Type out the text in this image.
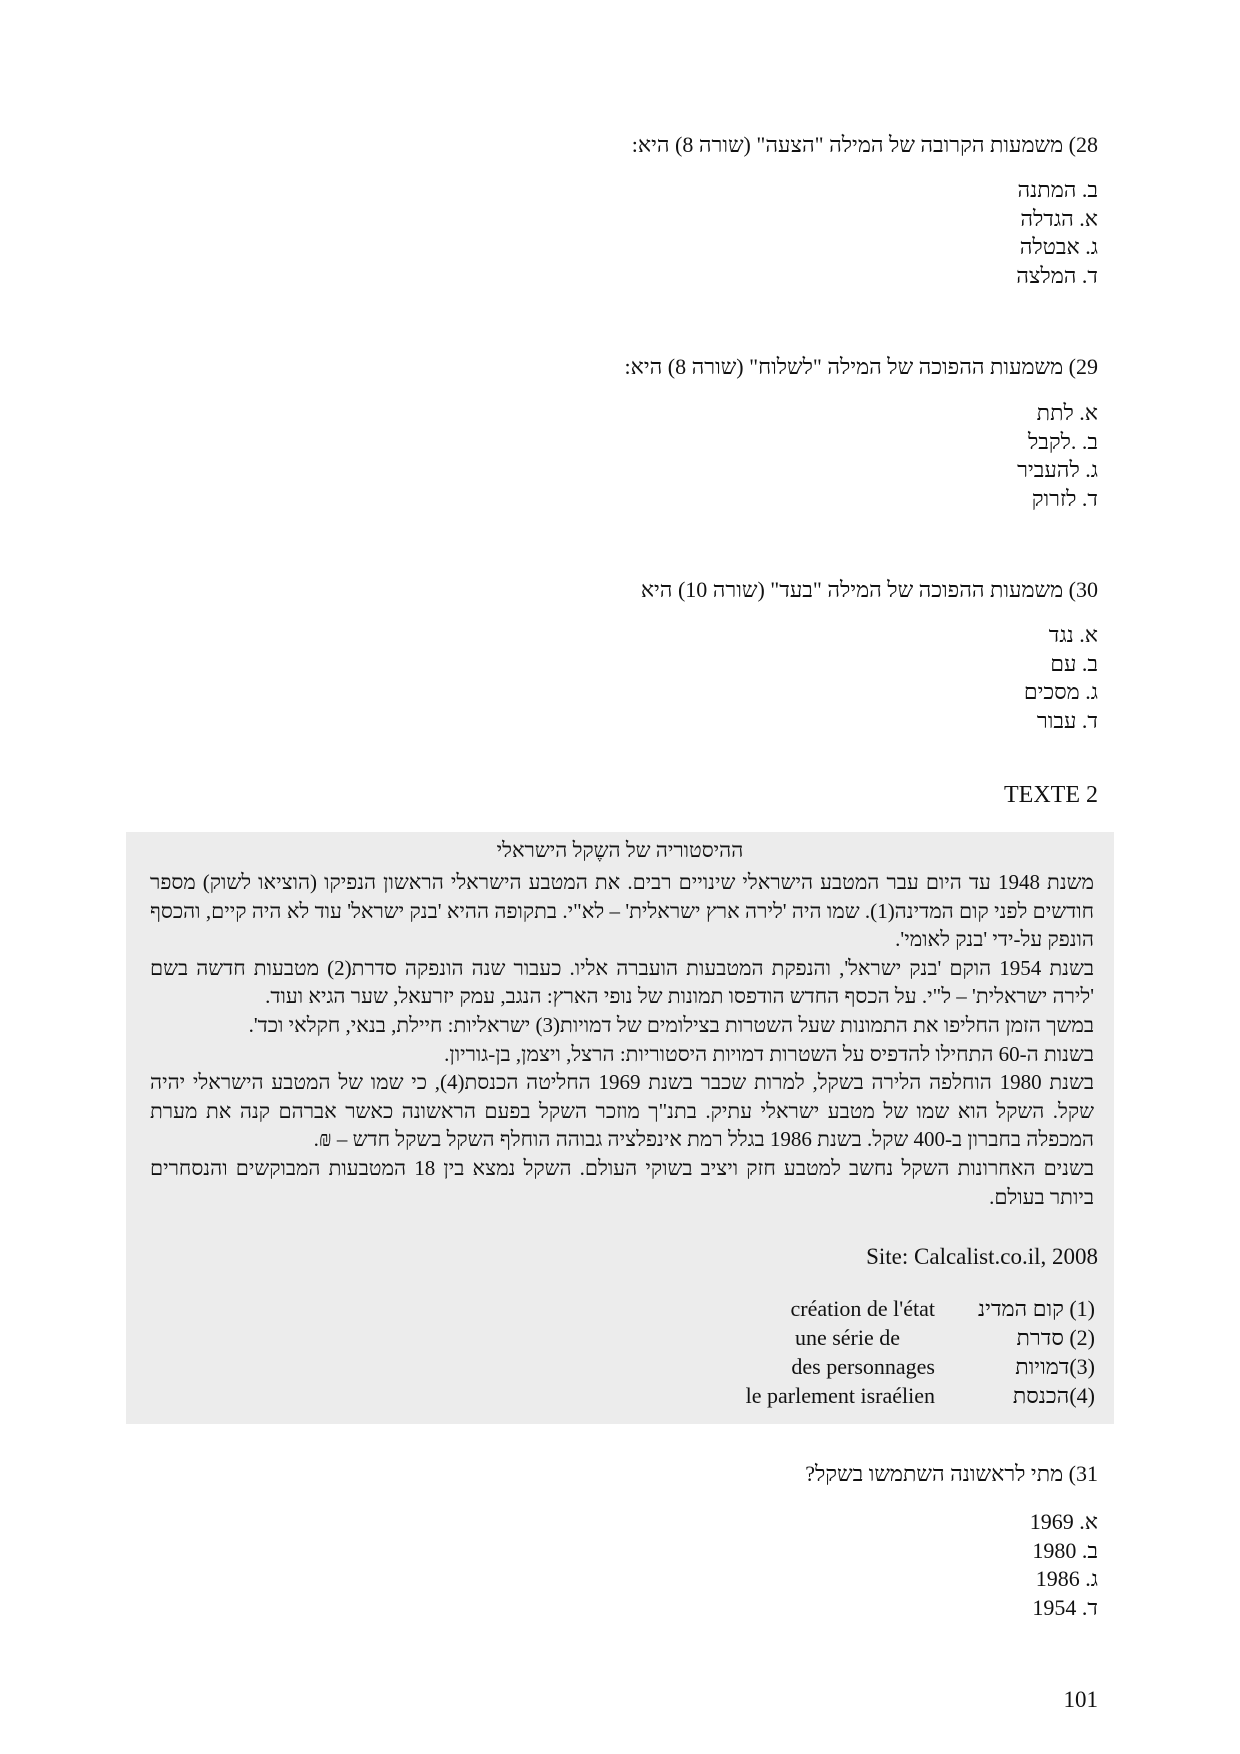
28) משמעות הקרובה של המילה "הצעה" (שורה 8) היא:
ב. המתנה
א. הגדלה
ג. אבטלה
ד. המלצה
29) משמעות ההפוכה של המילה "לשלוח" (שורה 8) היא:
א. לתת
ב. .לקבל
ג. להעביר
ד. לזרוק
30) משמעות ההפוכה של המילה "בעד" (שורה 10) היא
א. נגד
ב. עם
ג. מסכים
ד. עבור
TEXTE 2
ההיסטוריה של השֶקל הישראלי

משנת 1948 עד היום עבר המטבע הישראלי שינויים רבים. את המטבע הישראלי הראשון הנפיקו (הוציאו לשוק) מספר חודשים לפני קום המדינה(1). שמו היה 'לירה ארץ ישראלית' – לא"י. בתקופה ההיא 'בנק ישראל' עוד לא היה קיים, והכסף הונפק על-ידי 'בנק לאומי'.

בשנת 1954 הוקם 'בנק ישראל', והנפקת המטבעות הועברה אליו. כעבור שנה הונפקה סדרת(2) מטבעות חדשה בשם 'לירה ישראלית' – ל"י. על הכסף החדש הודפסו תמונות של נופי הארץ: הנגב, עמק יזרעאל, שער הגיא ועוד.

במשך הזמן החליפו את התמונות שעל השטרות בצילומים של דמויות(3) ישראליות: חיילת, בנאי, חקלאי וכד'.

בשנות ה-60 התחילו להדפיס על השטרות דמויות היסטוריות: הרצל, ויצמן, בן-גוריון.

בשנת 1980 הוחלפה הלירה בשקל, למרות שכבר בשנת 1969 החליטה הכנסת(4), כי שמו של המטבע הישראלי יהיה שקל. השקל הוא שמו של מטבע ישראלי עתיק. בתנ"ך מוזכר השקל בפעם הראשונה כאשר אברהם קנה את מערת המכפלה בחברון ב-400 שקל. בשנת 1986 בגלל רמת אינפלציה גבוהה הוחלף השקל בשקל חדש – ₪.

בשנים האחרונות השקל נחשב למטבע חזק ויציב בשוקי העולם. השקל נמצא בין 18 המטבעות המבוקשים והנסחרים ביותר בעולם.

Site: Calcalist.co.il, 2008
création de l'état (1) קום המדינ
une série de	(2) סדרת
des personnages	(3)דמויות
le parlement israélien	(4)הכנסת
31) מתי לראשונה השתמשו בשקל?
א. 1969
ב. 1980
ג. 1986
ד. 1954
101
